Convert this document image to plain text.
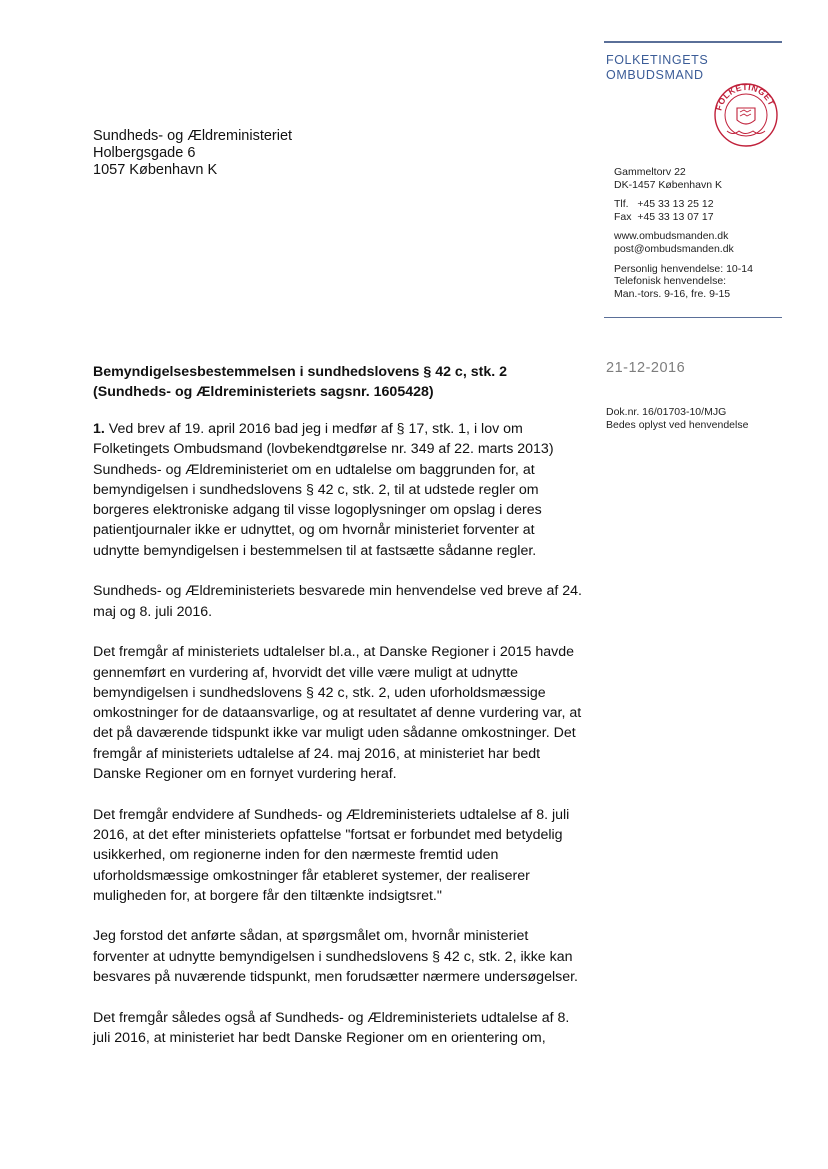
FOLKETINGETS
OMBUDSMAND
FOLKETINGET
Sundheds- og Ældreministeriet
Holbergsgade 6
1057 København K	Gammeltorv 22
DK-1457 København K
Tlf.   +45 33 13 25 12
Fax  +45 33 13 07 17
www.ombudsmanden.dk
post@ombudsmanden.dk
Personlig henvendelse: 10-14
Telefonisk henvendelse:
Man.-tors. 9-16, fre. 9-15
21-12-2016
Dok.nr. 16/01703-10/MJG
Bedes oplyst ved henvendelse
Bemyndigelsesbestemmelsen i sundhedslovens § 42 c, stk. 2 (Sundheds- og Ældreministeriets sagsnr. 1605428)

1. Ved brev af 19. april 2016 bad jeg i medfør af § 17, stk. 1, i lov om Folketingets Ombudsmand (lovbekendtgørelse nr. 349 af 22. marts 2013) Sundheds- og Ældreministeriet om en udtalelse om baggrunden for, at bemyndigelsen i sundhedslovens § 42 c, stk. 2, til at udstede regler om borgeres elektroniske adgang til visse logoplysninger om opslag i deres patientjournaler ikke er udnyttet, og om hvornår ministeriet forventer at udnytte bemyndigelsen i bestemmelsen til at fastsætte sådanne regler.

Sundheds- og Ældreministeriets besvarede min henvendelse ved breve af 24. maj og 8. juli 2016.

Det fremgår af ministeriets udtalelser bl.a., at Danske Regioner i 2015 havde gennemført en vurdering af, hvorvidt det ville være muligt at udnytte bemyndigelsen i sundhedslovens § 42 c, stk. 2, uden uforholdsmæssige omkostninger for de dataansvarlige, og at resultatet af denne vurdering var, at det på daværende tidspunkt ikke var muligt uden sådanne omkostninger. Det fremgår af ministeriets udtalelse af 24. maj 2016, at ministeriet har bedt Danske Regioner om en fornyet vurdering heraf.

Det fremgår endvidere af Sundheds- og Ældreministeriets udtalelse af 8. juli 2016, at det efter ministeriets opfattelse "fortsat er forbundet med betydelig usikkerhed, om regionerne inden for den nærmeste fremtid uden uforholdsmæssige omkostninger får etableret systemer, der realiserer muligheden for, at borgere får den tiltænkte indsigtsret."

Jeg forstod det anførte sådan, at spørgsmålet om, hvornår ministeriet forventer at udnytte bemyndigelsen i sundhedslovens § 42 c, stk. 2, ikke kan besvares på nuværende tidspunkt, men forudsætter nærmere undersøgelser.

Det fremgår således også af Sundheds- og Ældreministeriets udtalelse af 8. juli 2016, at ministeriet har bedt Danske Regioner om en orientering om,
